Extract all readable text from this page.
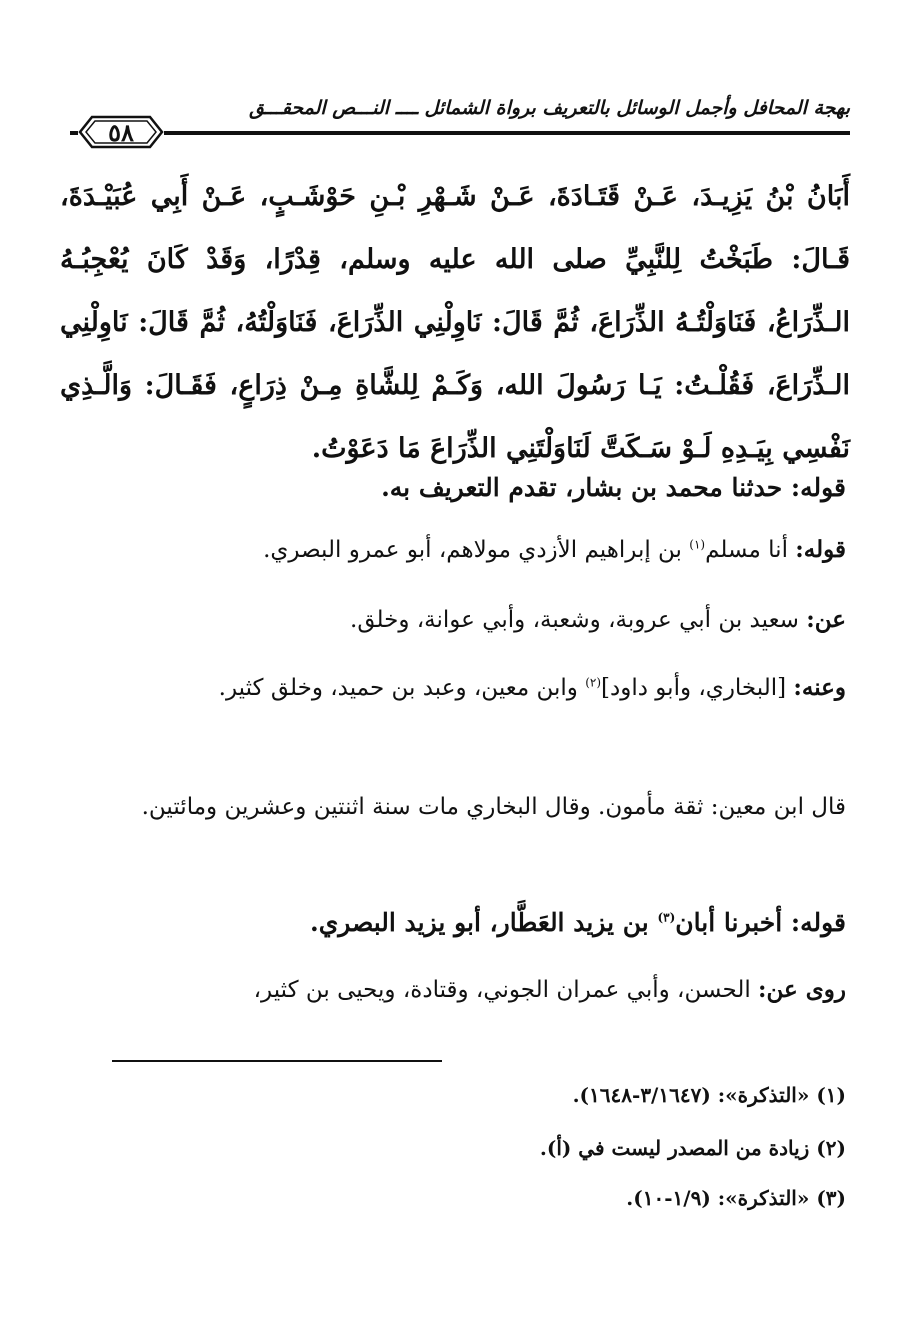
بهجة المحافل وأجمل الوسائل بالتعريف برواة الشمائل ــــ النـــص المحقـــق
٥٨
أَبَانُ بْنُ يَزِيـدَ، عَـنْ قَتَـادَةَ، عَـنْ شَـهْرِ بْـنِ حَوْشَـبٍ، عَـنْ أَبِي عُبَيْـدَةَ، قَـالَ: طَبَخْتُ لِلنَّبِيِّ صلى الله عليه وسلم، قِدْرًا، وَقَدْ كَانَ يُعْجِبُـهُ الـذِّرَاعُ، فَنَاوَلْتُـهُ الذِّرَاعَ، ثُمَّ قَالَ: نَاوِلْنِي الذِّرَاعَ، فَنَاوَلْتُهُ، ثُمَّ قَالَ: نَاوِلْنِي الـذِّرَاعَ، فَقُلْـتُ: يَـا رَسُولَ الله، وَكَـمْ لِلشَّاةِ مِـنْ ذِرَاعٍ، فَقَـالَ: وَالَّـذِي نَفْسِي بِيَـدِهِ لَـوْ سَـكَتَّ لَنَاوَلْتَنِي الذِّرَاعَ مَا دَعَوْتُ.
قوله: حدثنا محمد بن بشار، تقدم التعريف به.
قوله: أنا مسلم$^{(١)}$ بن إبراهيم الأزدي مولاهم، أبو عمرو البصري.
عن: سعيد بن أبي عروبة، وشعبة، وأبي عوانة، وخلق.
وعنه: [البخاري، وأبو داود]$^{(٢)}$ وابن معين، وعبد بن حميد، وخلق كثير.
قال ابن معين: ثقة مأمون. وقال البخاري مات سنة اثنتين وعشرين ومائتين.
قوله: أخبرنا أبان$^{(٣)}$ بن يزيد العَطَّار، أبو يزيد البصري.
روى عن: الحسن، وأبي عمران الجوني، وقتادة، ويحيى بن كثير،
(١) «التذكرة»: (٣/١٦٤٧-١٦٤٨).
(٢) زيادة من المصدر ليست في (أ).
(٣) «التذكرة»: (١/٩-١٠).
